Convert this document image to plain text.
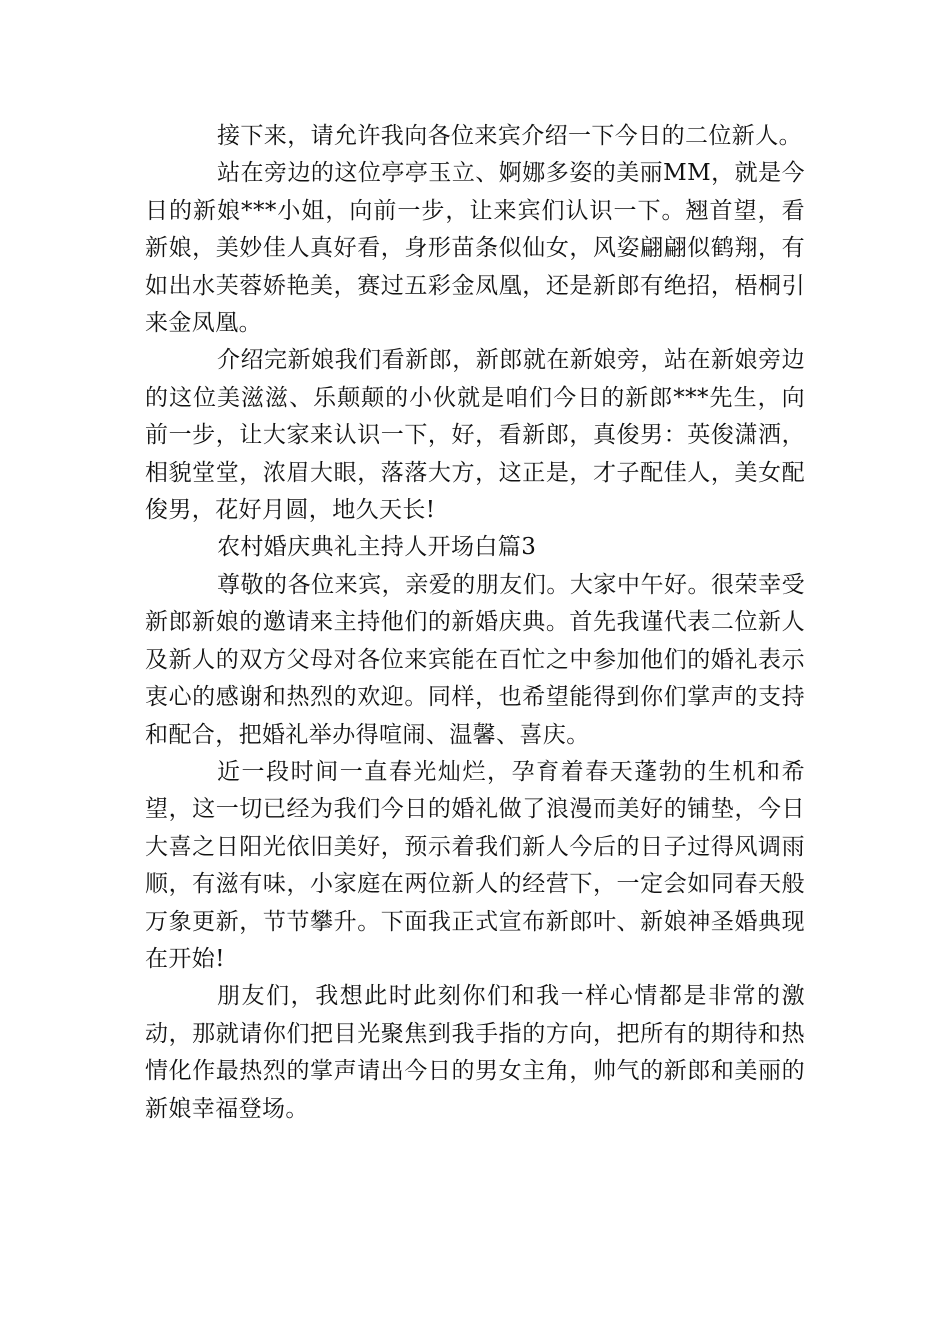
接下来，请允许我向各位来宾介绍一下今日的二位新人。

站在旁边的这位亭亭玉立、婀娜多姿的美丽MM，就是今日的新娘***小姐，向前一步，让来宾们认识一下。翘首望，看新娘，美妙佳人真好看，身形苗条似仙女，风姿翩翩似鹤翔，有如出水芙蓉娇艳美，赛过五彩金凤凰，还是新郎有绝招，梧桐引来金凤凰。

介绍完新娘我们看新郎，新郎就在新娘旁，站在新娘旁边的这位美滋滋、乐颠颠的小伙就是咱们今日的新郎***先生，向前一步，让大家来认识一下，好，看新郎，真俊男：英俊潇洒，相貌堂堂，浓眉大眼，落落大方，这正是，才子配佳人，美女配俊男，花好月圆，地久天长!

农村婚庆典礼主持人开场白篇3

尊敬的各位来宾，亲爱的朋友们。大家中午好。很荣幸受新郎新娘的邀请来主持他们的新婚庆典。首先我谨代表二位新人及新人的双方父母对各位来宾能在百忙之中参加他们的婚礼表示衷心的感谢和热烈的欢迎。同样，也希望能得到你们掌声的支持和配合，把婚礼举办得喧闹、温馨、喜庆。

近一段时间一直春光灿烂，孕育着春天蓬勃的生机和希望，这一切已经为我们今日的婚礼做了浪漫而美好的铺垫，今日大喜之日阳光依旧美好，预示着我们新人今后的日子过得风调雨顺，有滋有味，小家庭在两位新人的经营下，一定会如同春天般万象更新，节节攀升。下面我正式宣布新郎叶、新娘神圣婚典现在开始!

朋友们，我想此时此刻你们和我一样心情都是非常的激动，那就请你们把目光聚焦到我手指的方向，把所有的期待和热情化作最热烈的掌声请出今日的男女主角，帅气的新郎和美丽的新娘幸福登场。
